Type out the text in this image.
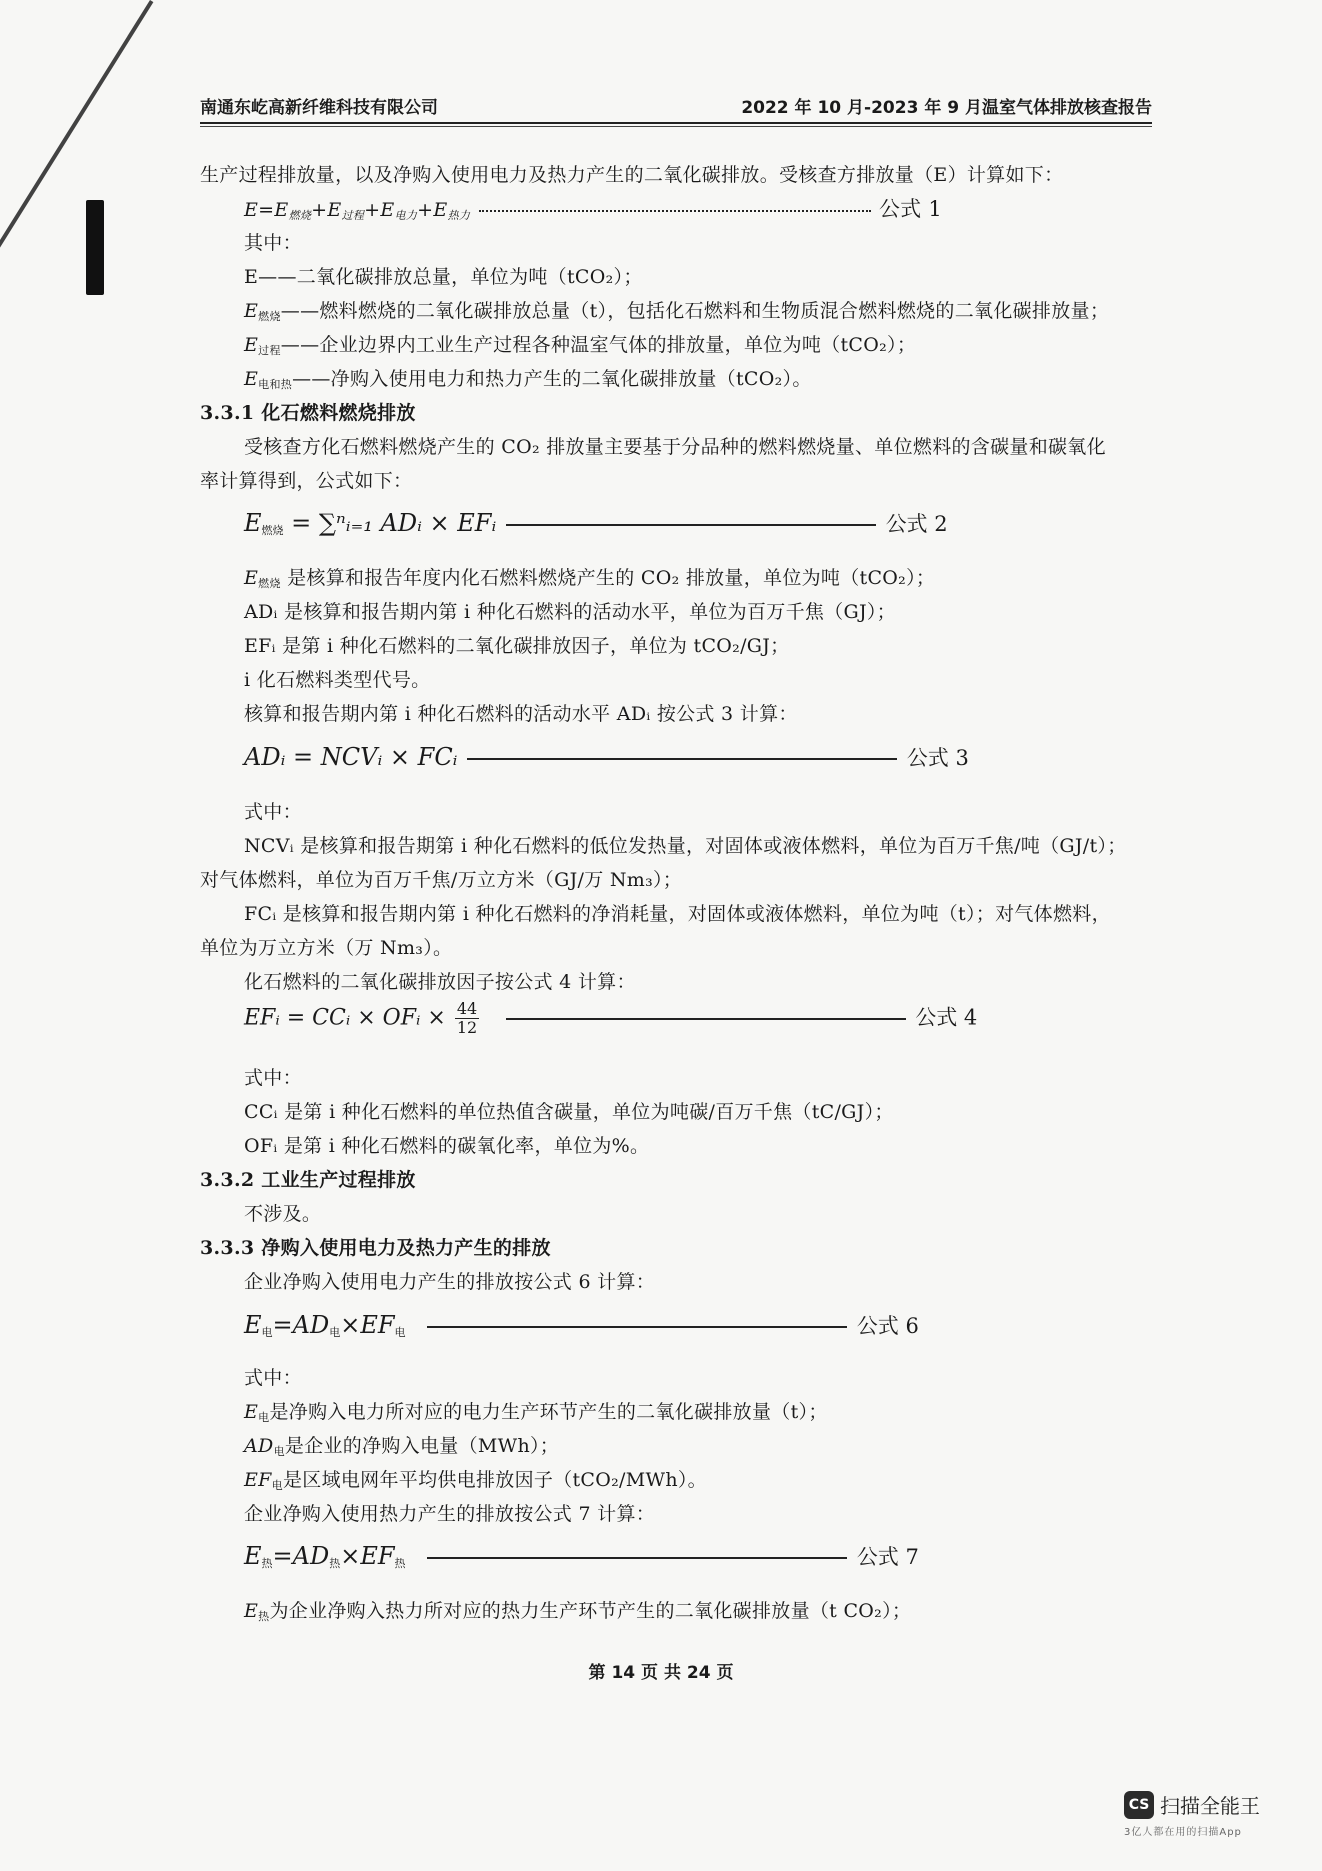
南通东屹高新纤维科技有限公司	2022 年 10 月-2023 年 9 月温室气体排放核查报告
生产过程排放量，以及净购入使用电力及热力产生的二氧化碳排放。受核查方排放量（E）计算如下：
$E=E_{燃烧}+E_{过程}+E_{电力}+E_{热力}$	公式 1
其中：
E——二氧化碳排放总量，单位为吨（tCO₂）；
$E_{燃烧}——$燃料燃烧的二氧化碳排放总量（t），包括化石燃料和生物质混合燃料燃烧的二氧化碳排放量；
$E_{过程}——$企业边界内工业生产过程各种温室气体的排放量，单位为吨（tCO₂）；
$E_{电和热}——$净购入使用电力和热力产生的二氧化碳排放量（tCO₂）。
3.3.1 化石燃料燃烧排放
受核查方化石燃料燃烧产生的 CO₂ 排放量主要基于分品种的燃料燃烧量、单位燃料的含碳量和碳氧化
率计算得到，公式如下：
$E_{燃烧}$ = ∑ⁿᵢ₌₁ ADᵢ × EFᵢ	公式 2
$E_{燃烧}$ 是核算和报告年度内化石燃料燃烧产生的 CO₂ 排放量，单位为吨（tCO₂）；
ADᵢ 是核算和报告期内第 i 种化石燃料的活动水平，单位为百万千焦（GJ）；
EFᵢ 是第 i 种化石燃料的二氧化碳排放因子，单位为 tCO₂/GJ；
i 化石燃料类型代号。
核算和报告期内第 i 种化石燃料的活动水平 ADᵢ 按公式 3 计算：
ADᵢ = NCVᵢ × FCᵢ	公式 3
式中：
NCVᵢ 是核算和报告期第 i 种化石燃料的低位发热量，对固体或液体燃料，单位为百万千焦/吨（GJ/t）；
对气体燃料，单位为百万千焦/万立方米（GJ/万 Nm₃）；
FCᵢ 是核算和报告期内第 i 种化石燃料的净消耗量，对固体或液体燃料，单位为吨（t）；对气体燃料，
单位为万立方米（万 Nm₃）。
化石燃料的二氧化碳排放因子按公式 4 计算：
EFᵢ = CCᵢ × OFᵢ × $\frac{44}{12}$	公式 4
式中：
CCᵢ 是第 i 种化石燃料的单位热值含碳量，单位为吨碳/百万千焦（tC/GJ）；
OFᵢ 是第 i 种化石燃料的碳氧化率，单位为%。
3.3.2 工业生产过程排放
不涉及。
3.3.3 净购入使用电力及热力产生的排放
企业净购入使用电力产生的排放按公式 6 计算：
$E_电=AD_电\times EF_电$	公式 6
式中：
$E_电$是净购入电力所对应的电力生产环节产生的二氧化碳排放量（t）；
$AD_电$是企业的净购入电量（MWh）；
$EF_电$是区域电网年平均供电排放因子（tCO₂/MWh）。
企业净购入使用热力产生的排放按公式 7 计算：
$E_热=AD_热\times EF_热$	公式 7
$E_热$为企业净购入热力所对应的热力生产环节产生的二氧化碳排放量（t CO₂）；
第 14 页 共 24 页
CS 扫描全能王
3亿人都在用的扫描App
